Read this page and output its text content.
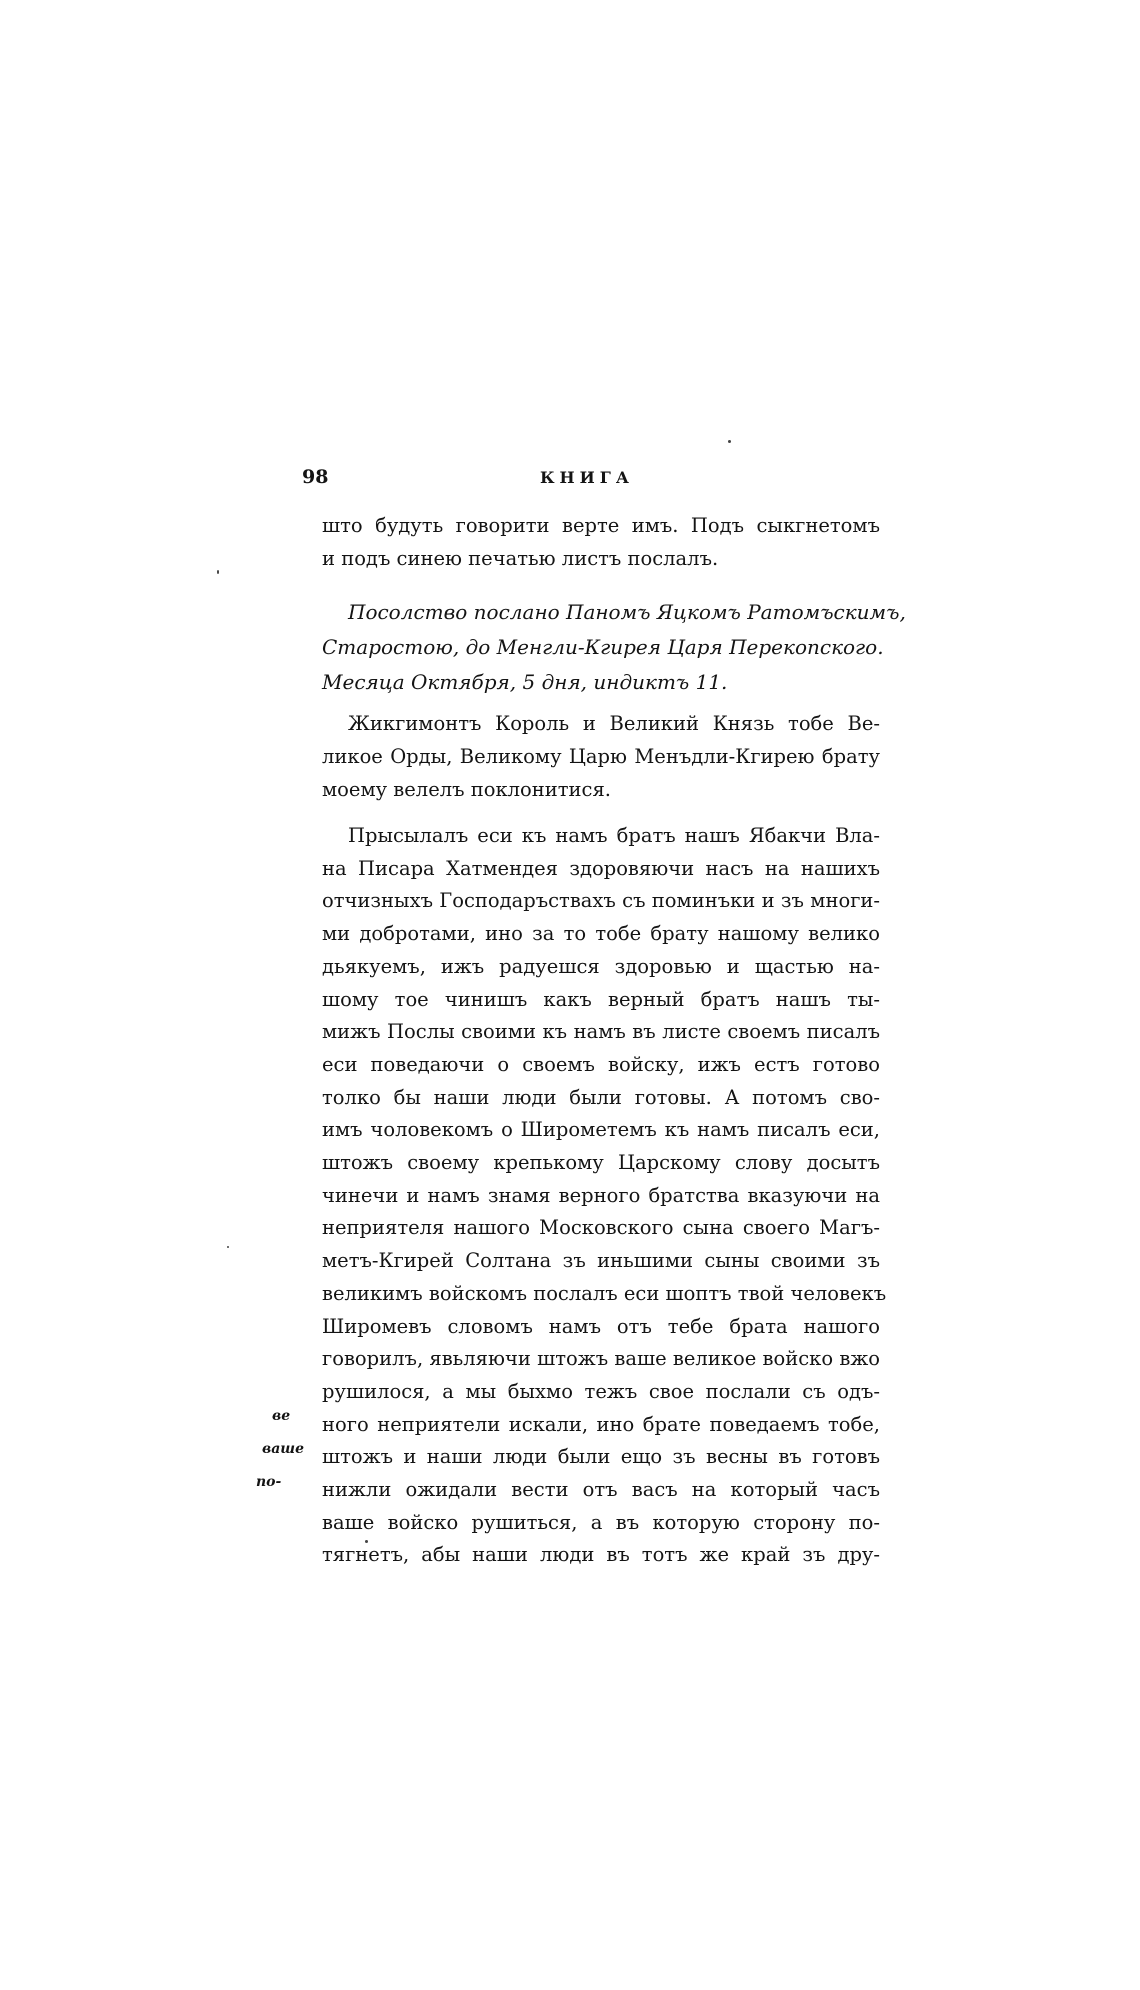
98	КНИГА
што будуть говорити верте имъ. Подъ сыкгнетомъ
и подъ синею печатью листъ послалъ.
Посолство послано Паномъ Яцкомъ Ратомъскимъ,
Старостою, до Менгли-Кгирея Царя Перекопского.
Месяца Октября, 5 дня, индиктъ 11.
Жикгимонтъ Король и Великий Князь тобе Ве-
ликое Орды, Великому Царю Менъдли-Кгирею брату
моему велелъ поклонитися.
Прысылалъ еси къ намъ братъ нашъ Ябакчи Вла-
на Писара Хатмендея здоровяючи насъ на нашихъ
отчизныхъ Господаръствахъ съ поминъки и зъ многи-
ми добротами, ино за то тобе брату нашому велико
дьякуемъ, ижъ радуешся здоровью и щастью на-
шому тое чинишъ какъ верный братъ нашъ ты-
мижъ Послы своими къ намъ въ листе своемъ писалъ
еси поведаючи о своемъ войску, ижъ естъ готово
толко бы наши люди были готовы. А потомъ сво-
имъ чоловекомъ о Широметемъ къ намъ писалъ еси,
штожъ своему крепькому Царскому слову досытъ
чинечи и намъ знамя верного братства вказуючи на
неприятеля нашого Московского сына своего Магъ-
метъ-Кгирей Солтана зъ иньшими сыны своими зъ
великимъ войскомъ послалъ еси шоптъ твой человекъ
Широмевъ словомъ намъ отъ тебе брата нашого
говорилъ, явьляючи штожъ ваше великое войско вжо
рушилося, а мы быхмо тежъ свое послали съ одъ-
ного неприятели искали, ино брате поведаемъ тобе,
штожъ и наши люди были ещо зъ весны въ готовъ
нижли ожидали вести отъ васъ на который часъ
ваше войско рушиться, а въ которую сторону по-
тягнетъ, абы наши люди въ тотъ же край зъ дру-
ве
ваше
по-
